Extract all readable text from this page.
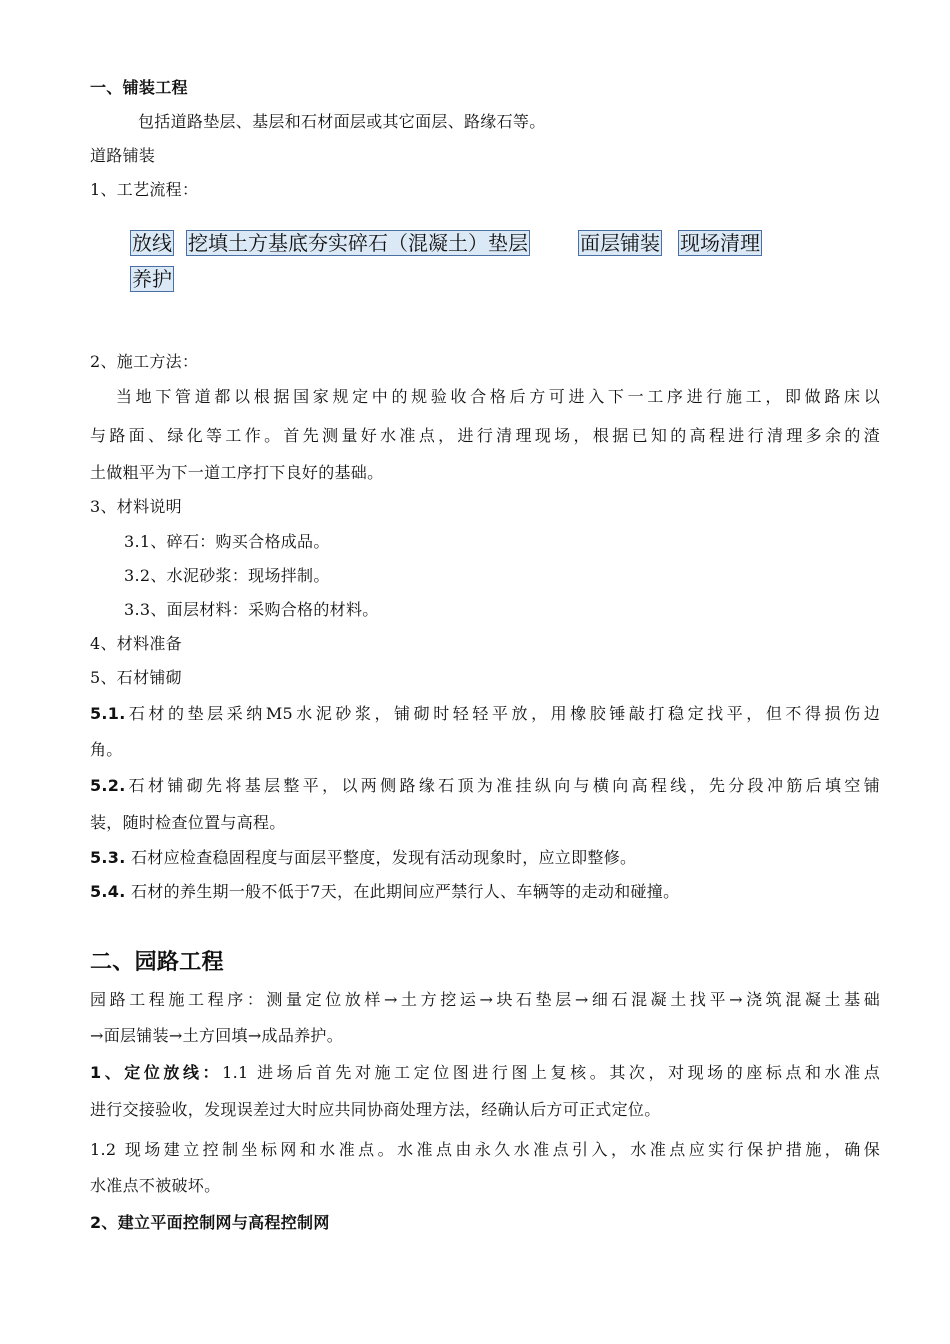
一、铺装工程
包括道路垫层、基层和石材面层或其它面层、路缘石等。
道路铺装
1、工艺流程：
放线 挖填土方基底夯实碎石（混凝土）垫层	面层铺装 现场清理
养护
2、施工方法：
当地下管道都以根据国家规定中的规验收合格后方可进入下一工序进行施工，即做路床以
与路面、绿化等工作。首先测量好水准点，进行清理现场，根据已知的高程进行清理多余的渣
土做粗平为下一道工序打下良好的基础。
3、材料说明
3.1、碎石：购买合格成品。
3.2、水泥砂浆：现场拌制。
3.3、面层材料：采购合格的材料。
4、材料准备
5、石材铺砌
5.1.石材的垫层采纳M5水泥砂浆，铺砌时轻轻平放，用橡胶锤敲打稳定找平，但不得损伤边
角。
5.2.石材铺砌先将基层整平，以两侧路缘石顶为准挂纵向与横向高程线，先分段冲筋后填空铺
装，随时检查位置与高程。
5.3. 石材应检查稳固程度与面层平整度，发现有活动现象时，应立即整修。
5.4. 石材的养生期一般不低于7天，在此期间应严禁行人、车辆等的走动和碰撞。
二、园路工程
园路工程施工程序：测量定位放样→土方挖运→块石垫层→细石混凝土找平→浇筑混凝土基础
→面层铺装→土方回填→成品养护。
1、定位放线：1.1 进场后首先对施工定位图进行图上复核。其次，对现场的座标点和水准点
进行交接验收，发现误差过大时应共同协商处理方法，经确认后方可正式定位。
1.2 现场建立控制坐标网和水准点。水准点由永久水准点引入，水准点应实行保护措施，确保
水准点不被破坏。
2、建立平面控制网与高程控制网
